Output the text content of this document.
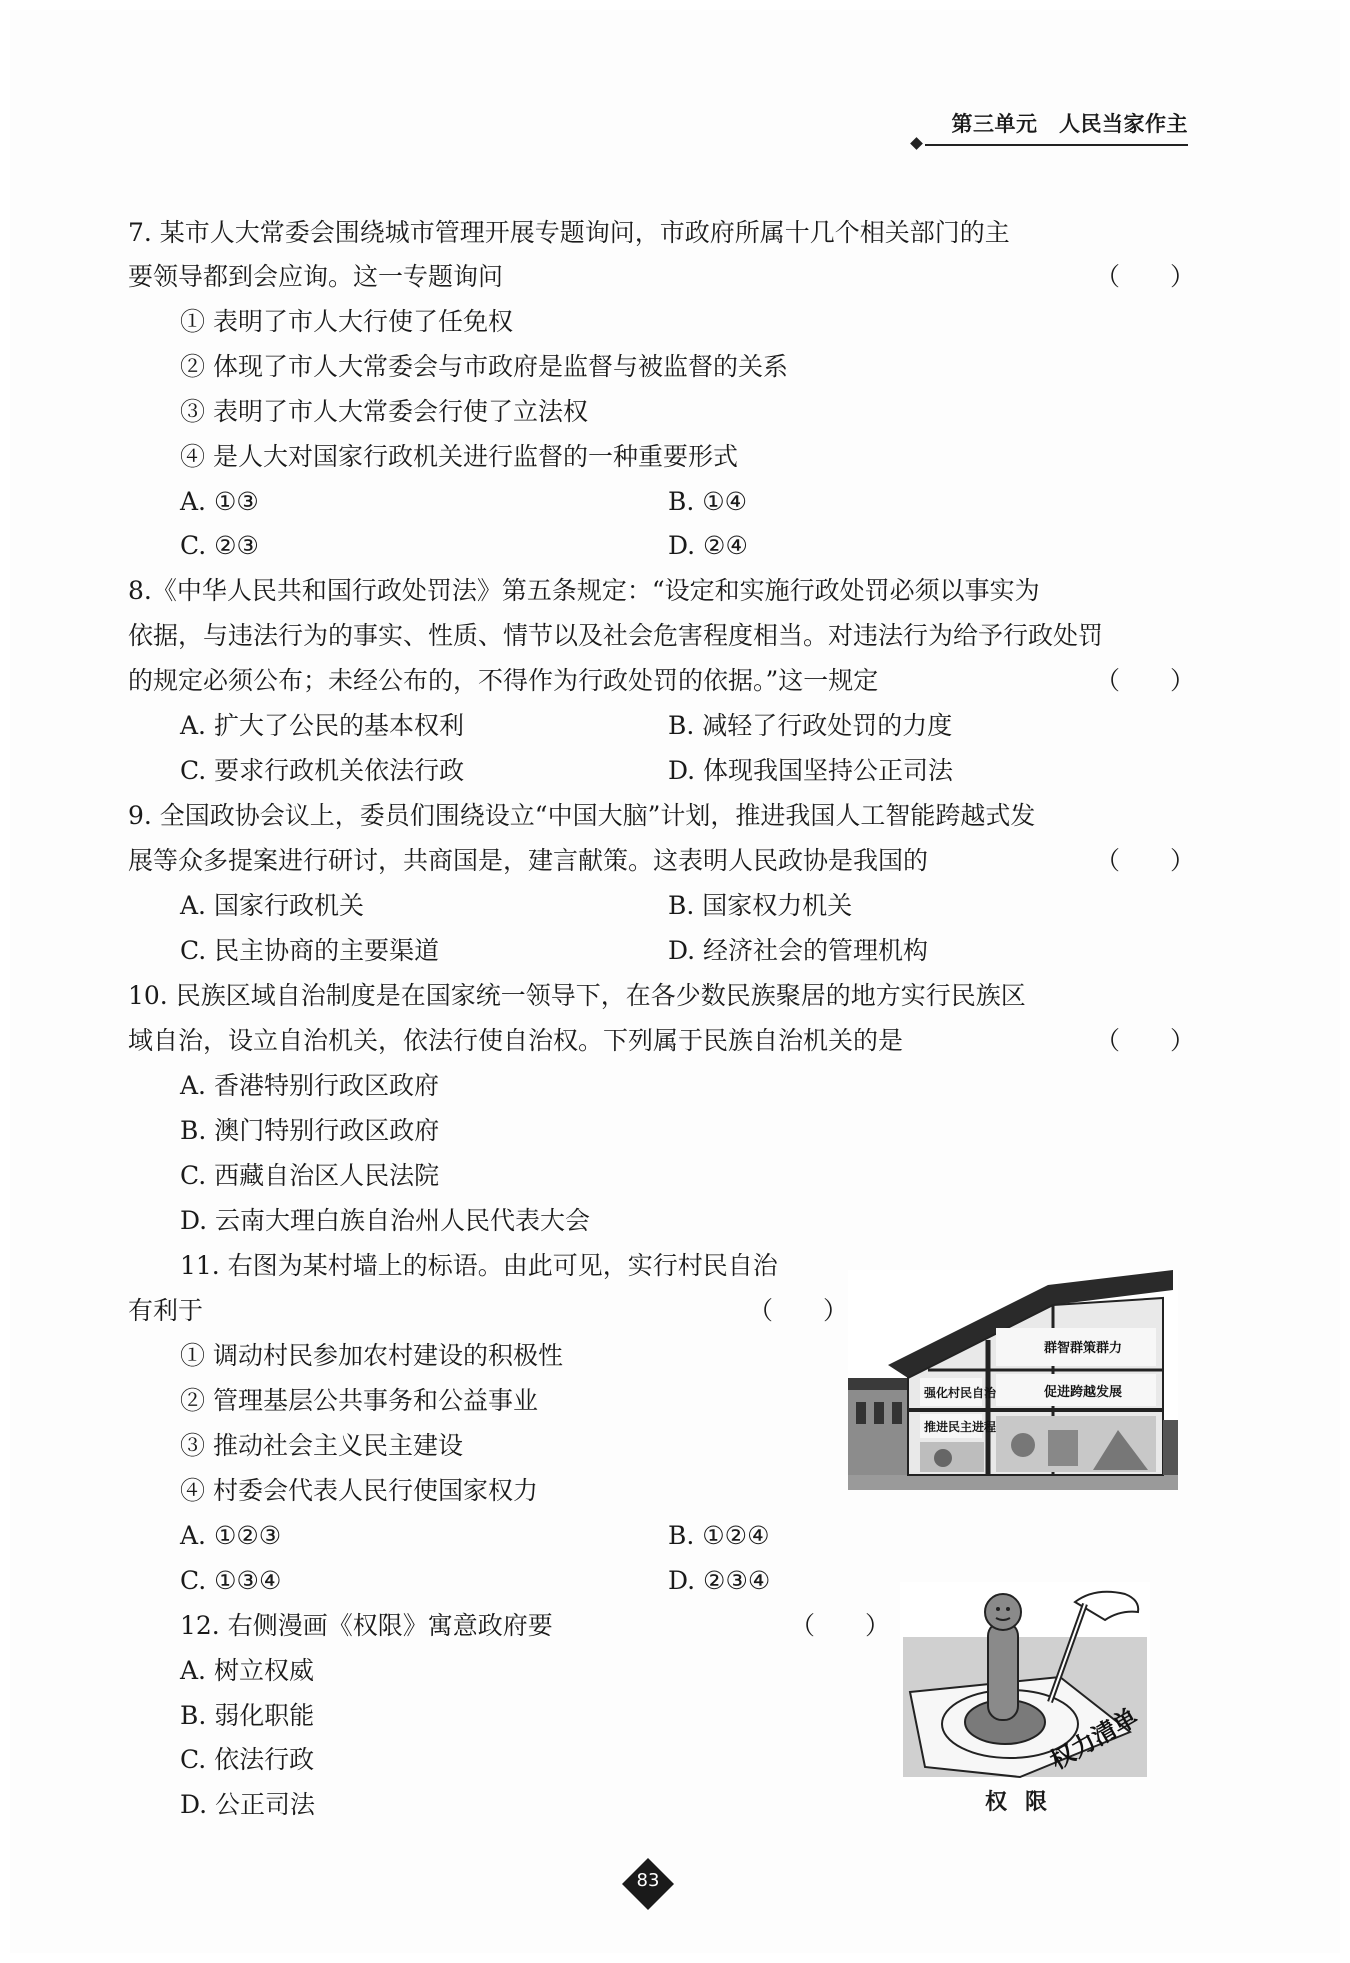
第三单元　人民当家作主
7. 某市人大常委会围绕城市管理开展专题询问，市政府所属十几个相关部门的主
要领导都到会应询。这一专题询问	（　　）
① 表明了市人大行使了任免权
② 体现了市人大常委会与市政府是监督与被监督的关系
③ 表明了市人大常委会行使了立法权
④ 是人大对国家行政机关进行监督的一种重要形式
A. ①③	B. ①④
C. ②③	D. ②④
8.《中华人民共和国行政处罚法》第五条规定：“设定和实施行政处罚必须以事实为
依据，与违法行为的事实、性质、情节以及社会危害程度相当。对违法行为给予行政处罚
的规定必须公布；未经公布的，不得作为行政处罚的依据。”这一规定	（　　）
A. 扩大了公民的基本权利	B. 减轻了行政处罚的力度
C. 要求行政机关依法行政	D. 体现我国坚持公正司法
9. 全国政协会议上，委员们围绕设立“中国大脑”计划，推进我国人工智能跨越式发
展等众多提案进行研讨，共商国是，建言献策。这表明人民政协是我国的	（　　）
A. 国家行政机关	B. 国家权力机关
C. 民主协商的主要渠道	D. 经济社会的管理机构
10. 民族区域自治制度是在国家统一领导下，在各少数民族聚居的地方实行民族区
域自治，设立自治机关，依法行使自治权。下列属于民族自治机关的是	（　　）
A. 香港特别行政区政府
B. 澳门特别行政区政府
C. 西藏自治区人民法院
D. 云南大理白族自治州人民代表大会
11. 右图为某村墙上的标语。由此可见，实行村民自治
有利于	（　　）
① 调动村民参加农村建设的积极性
② 管理基层公共事务和公益事业
③ 推动社会主义民主建设
④ 村委会代表人民行使国家权力
A. ①②③	B. ①②④
C. ①③④	D. ②③④
强化村民自治
推进民主进程
群智群策群力
促进跨越发展
12. 右侧漫画《权限》寓意政府要	（　　）
A. 树立权威
B. 弱化职能
C. 依法行政
D. 公正司法
权力清单
权限
83
